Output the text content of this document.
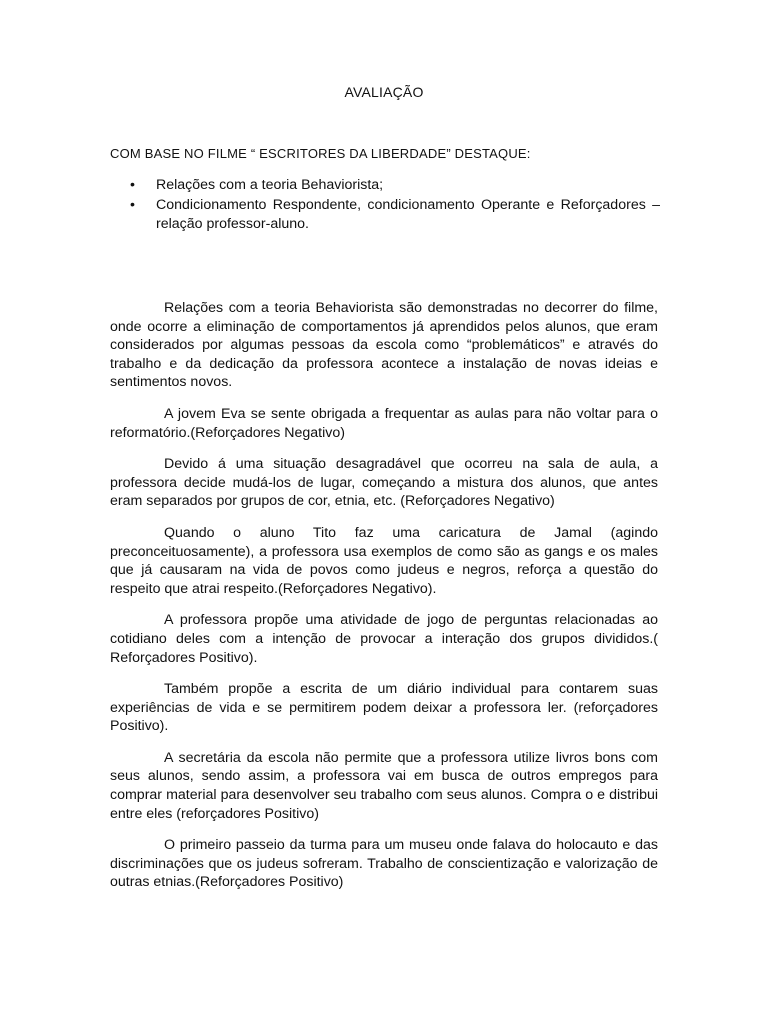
AVALIAÇÃO
COM BASE NO FILME “ ESCRITORES DA LIBERDADE” DESTAQUE:
• Relações com a teoria Behaviorista;
• Condicionamento Respondente, condicionamento Operante e Reforçadores – relação professor-aluno.

Relações com a teoria Behaviorista são demonstradas no decorrer do filme, onde ocorre a eliminação de comportamentos já aprendidos pelos alunos, que eram considerados por algumas pessoas da escola como “problemáticos” e através do trabalho e da dedicação da professora acontece a instalação de novas ideias e sentimentos novos.

A jovem Eva se sente obrigada a frequentar as aulas para não voltar para o reformatório.(Reforçadores Negativo)

Devido á uma situação desagradável que ocorreu na sala de aula, a professora decide mudá-los de lugar, começando a mistura dos alunos, que antes eram separados por grupos de cor, etnia, etc. (Reforçadores Negativo)

Quando o aluno Tito faz uma caricatura de Jamal (agindo preconceituosamente), a professora usa exemplos de como são as gangs e os males que já causaram na vida de povos como judeus e negros, reforça a questão do respeito que atrai respeito.(Reforçadores Negativo).

A professora propõe uma atividade de jogo de perguntas relacionadas ao cotidiano deles com a intenção de provocar a interação dos grupos divididos.( Reforçadores Positivo).

Também propõe a escrita de um diário individual para contarem suas experiências de vida e se permitirem podem deixar a professora ler. (reforçadores Positivo).

A secretária da escola não permite que a professora utilize livros bons com seus alunos, sendo assim, a professora vai em busca de outros empregos para comprar material para desenvolver seu trabalho com seus alunos. Compra o e distribui entre eles (reforçadores Positivo)

O primeiro passeio da turma para um museu onde falava do holocauto e das discriminações que os judeus sofreram. Trabalho de conscientização e valorização de outras etnias.(Reforçadores Positivo)
